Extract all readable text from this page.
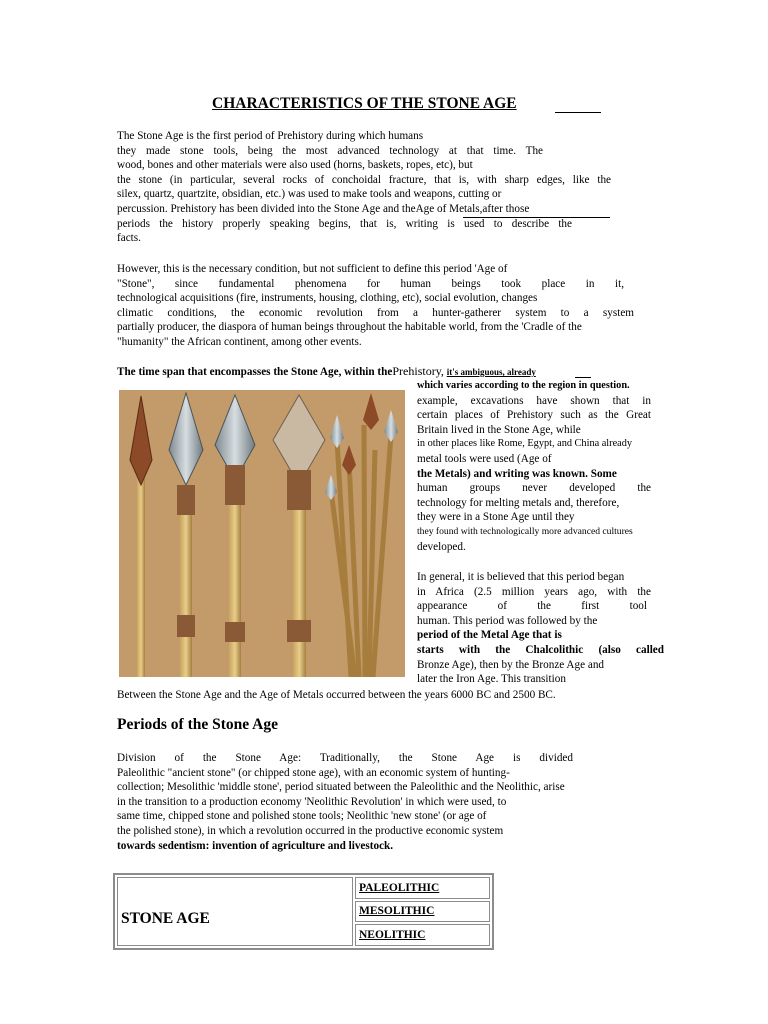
CHARACTERISTICS OF THE STONE AGE
The Stone Age is the first period of Prehistory during which humans
they made stone tools, being the most advanced technology at that time. The
wood, bones and other materials were also used (horns, baskets, ropes, etc), but
the stone (in particular, several rocks of conchoidal fracture, that is, with sharp edges, like the
silex, quartz, quartzite, obsidian, etc.) was used to make tools and weapons, cutting or
percussion. Prehistory has been divided into the Stone Age and theAge of Metals,after those
periods the history properly speaking begins, that is, writing is used to describe the
facts.
However, this is the necessary condition, but not sufficient to define this period 'Age of
"Stone", since fundamental phenomena for human beings took place in it,
technological acquisitions (fire, instruments, housing, clothing, etc), social evolution, changes
climatic conditions, the economic revolution from a hunter-gatherer system to a system
partially producer, the diaspora of human beings throughout the habitable world, from the 'Cradle of the
"humanity" the African continent, among other events.
The time span that encompasses the Stone Age, within thePrehistory, it's ambiguous, already
which varies according to the region in question.
example, excavations have shown that in
certain places of Prehistory such as the Great
Britain lived in the Stone Age, while
in other places like Rome, Egypt, and China already
metal tools were used (Age of
the Metals) and writing was known. Some
human groups never developed the
technology for melting metals and, therefore,
they were in a Stone Age until they
they found with technologically more advanced cultures
developed.
In general, it is believed that this period began
in Africa (2.5 million years ago, with the
appearance of the first tool
human. This period was followed by the
period of the Metal Age that is
starts with the Chalcolithic (also called
Bronze Age), then by the Bronze Age and
later the Iron Age. This transition
Between the Stone Age and the Age of Metals occurred between the years 6000 BC and 2500 BC.
Periods of the Stone Age
Division of the Stone Age: Traditionally, the Stone Age is divided
Paleolithic "ancient stone" (or chipped stone age), with an economic system of hunting-
collection; Mesolithic 'middle stone', period situated between the Paleolithic and the Neolithic, arise
in the transition to a production economy 'Neolithic Revolution' in which were used, to
same time, chipped stone and polished stone tools; Neolithic 'new stone' (or age of
the polished stone), in which a revolution occurred in the productive economic system
towards sedentism: invention of agriculture and livestock.
STONE AGE	PALEOLITHIC
MESOLITHIC
NEOLITHIC
